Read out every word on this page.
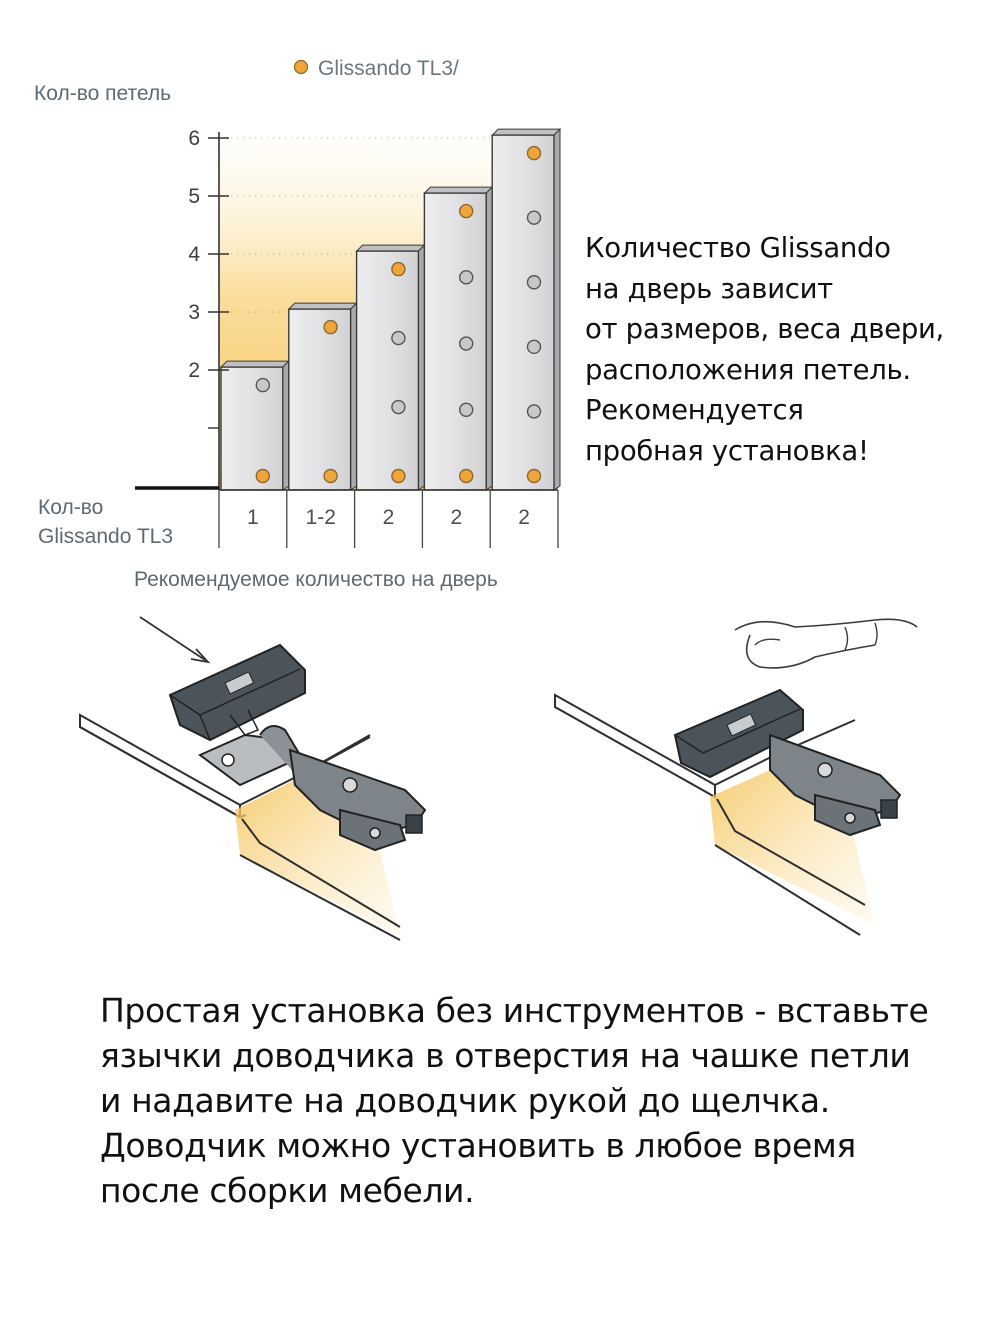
2
3
4
5
6
1 1-2 2	2	2
Glissando TL3/
Кол-во петель
Кол-во Glissando TL3
Рекомендуемое количество на дверь
Количество Glissando
на дверь зависит
от размеров, веса двери,
расположения петель.
Рекомендуется
пробная установка!
Простая установка без инструментов - вставьте
язычки доводчика в отверстия на чашке петли
и надавите на доводчик рукой до щелчка.
Доводчик можно установить в любое время
после сборки мебели.
